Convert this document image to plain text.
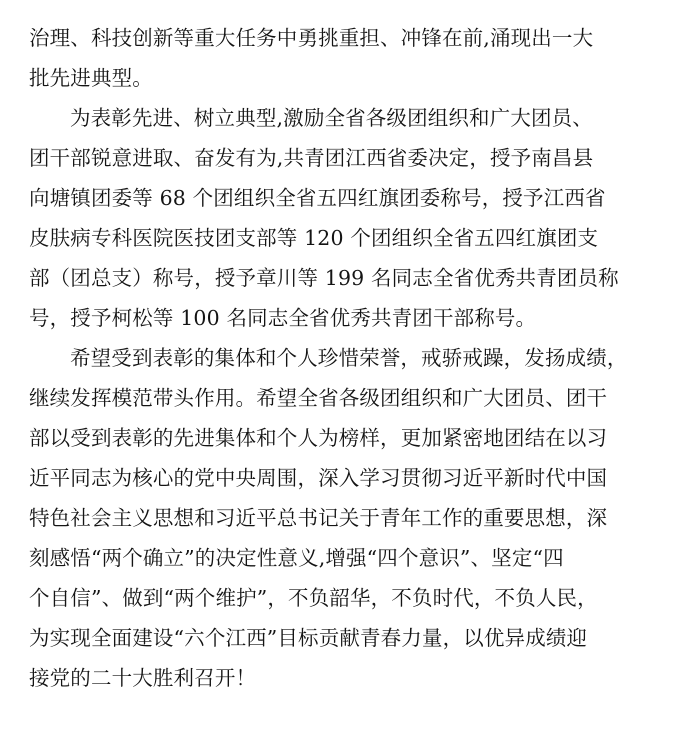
治理、科技创新等重大任务中勇挑重担、冲锋在前,涌现出一大
批先进典型。
为表彰先进、树立典型,激励全省各级团组织和广大团员、
团干部锐意进取、奋发有为,共青团江西省委决定，授予南昌县
向塘镇团委等 68 个团组织全省五四红旗团委称号，授予江西省
皮肤病专科医院医技团支部等 120 个团组织全省五四红旗团支
部（团总支）称号，授予章川等 199 名同志全省优秀共青团员称
号，授予柯松等 100 名同志全省优秀共青团干部称号。
希望受到表彰的集体和个人珍惜荣誉，戒骄戒躁，发扬成绩，
继续发挥模范带头作用。希望全省各级团组织和广大团员、团干
部以受到表彰的先进集体和个人为榜样，更加紧密地团结在以习
近平同志为核心的党中央周围，深入学习贯彻习近平新时代中国
特色社会主义思想和习近平总书记关于青年工作的重要思想，深
刻感悟“两个确立”的决定性意义,增强“四个意识”、坚定“四
个自信”、做到“两个维护”，不负韶华，不负时代，不负人民，
为实现全面建设“六个江西”目标贡献青春力量，以优异成绩迎
接党的二十大胜利召开！
